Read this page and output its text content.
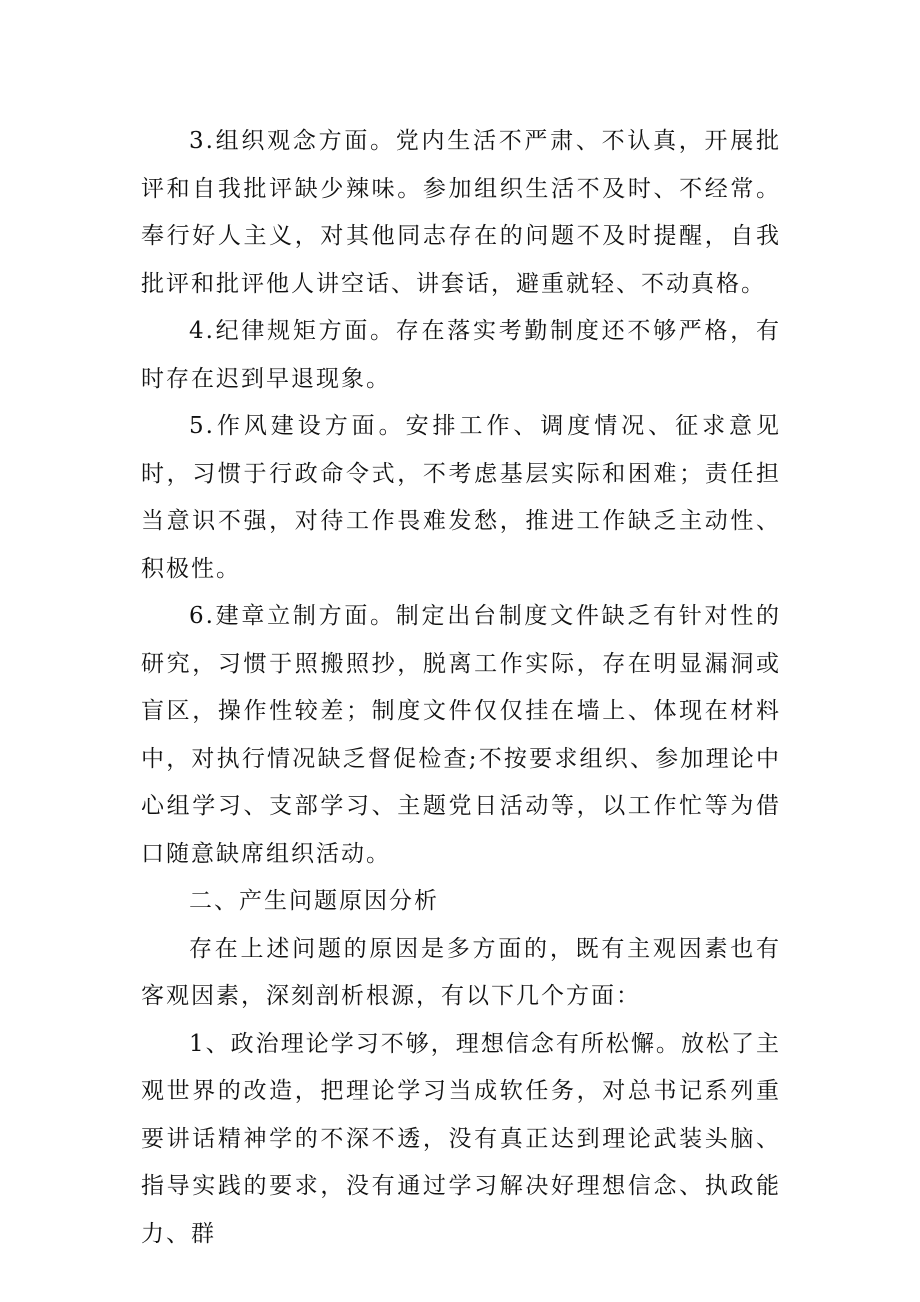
3.组织观念方面。党内生活不严肃、不认真，开展批评和自我批评缺少辣味。参加组织生活不及时、不经常。奉行好人主义，对其他同志存在的问题不及时提醒，自我批评和批评他人讲空话、讲套话，避重就轻、不动真格。

4.纪律规矩方面。存在落实考勤制度还不够严格，有时存在迟到早退现象。

5.作风建设方面。安排工作、调度情况、征求意见时，习惯于行政命令式，不考虑基层实际和困难；责任担当意识不强，对待工作畏难发愁，推进工作缺乏主动性、积极性。

6.建章立制方面。制定出台制度文件缺乏有针对性的研究，习惯于照搬照抄，脱离工作实际，存在明显漏洞或盲区，操作性较差；制度文件仅仅挂在墙上、体现在材料中，对执行情况缺乏督促检查;不按要求组织、参加理论中心组学习、支部学习、主题党日活动等，以工作忙等为借口随意缺席组织活动。

二、产生问题原因分析

存在上述问题的原因是多方面的，既有主观因素也有客观因素，深刻剖析根源，有以下几个方面：

1、政治理论学习不够，理想信念有所松懈。放松了主观世界的改造，把理论学习当成软任务，对总书记系列重要讲话精神学的不深不透，没有真正达到理论武装头脑、指导实践的要求，没有通过学习解决好理想信念、执政能力、群
